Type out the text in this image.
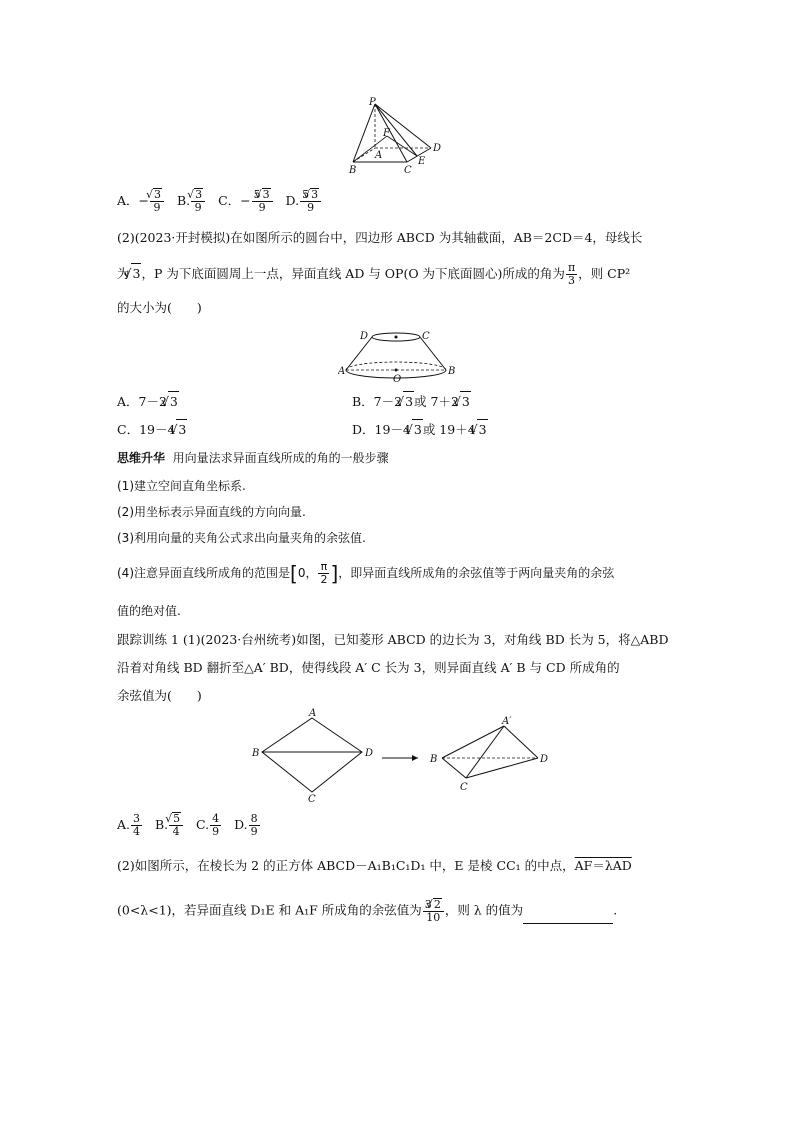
P
F
A
B	C
D
E
A．− √ $\frac{3}{9} B$. √ $\frac{3}{9}$ C．− $\frac{5 √ 3}{9} D$. $\frac{5 √ 3}{9}$
(2)(2023·开封模拟)在如图所示的圆台中，四边形 ABCD 为其轴截面，AB＝2CD＝4，母线长
为 √ 3，P 为下底面圆周上一点，异面直线 AD 与 OP(O 为下底面圆心)所成的角为 $\frac{\pi}{3}$ ，则 CP²
的大小为(　　)
D	C
A	B
O
A．7－2 √ 3	B．7－2 √ 3或 7＋2 √ 3
C．19－4 √ 3	D．19－4 √ 3或 19＋4 √ 3
思维升华 用向量法求异面直线所成的角的一般步骤
(1)建立空间直角坐标系.
(2)用坐标表示异面直线的方向向量.
(3)利用向量的夹角公式求出向量夹角的余弦值.
(4)注意异面直线所成角的范围是[0， $\frac{\pi}{2}$ ]，即异面直线所成角的余弦值等于两向量夹角的余弦
值的绝对值.
跟踪训练 1 (1)(2023·台州统考)如图，已知菱形 ABCD 的边长为 3，对角线 BD 长为 5，将△ABD
沿着对角线 BD 翻折至△A′ BD，使得线段 A′ C 长为 3，则异面直线 A′ B 与 CD 所成角的
余弦值为(　　)
A
B	D
C
A′
B	D
C
A. $\frac{3}{4} B$. √ $\frac{5}{4} C$. $\frac{4}{9} D$. $\frac{8}{9}$
(2)如图所示，在棱长为 2 的正方体 ABCD－A₁B₁C₁D₁ 中，E 是棱 CC₁ 的中点，AF＝λAD
(0<λ<1)，若异面直线 D₁E 和 A₁F 所成角的余弦值为 $\frac{3 √ 2}{10}$ ，则 λ 的值为	.
